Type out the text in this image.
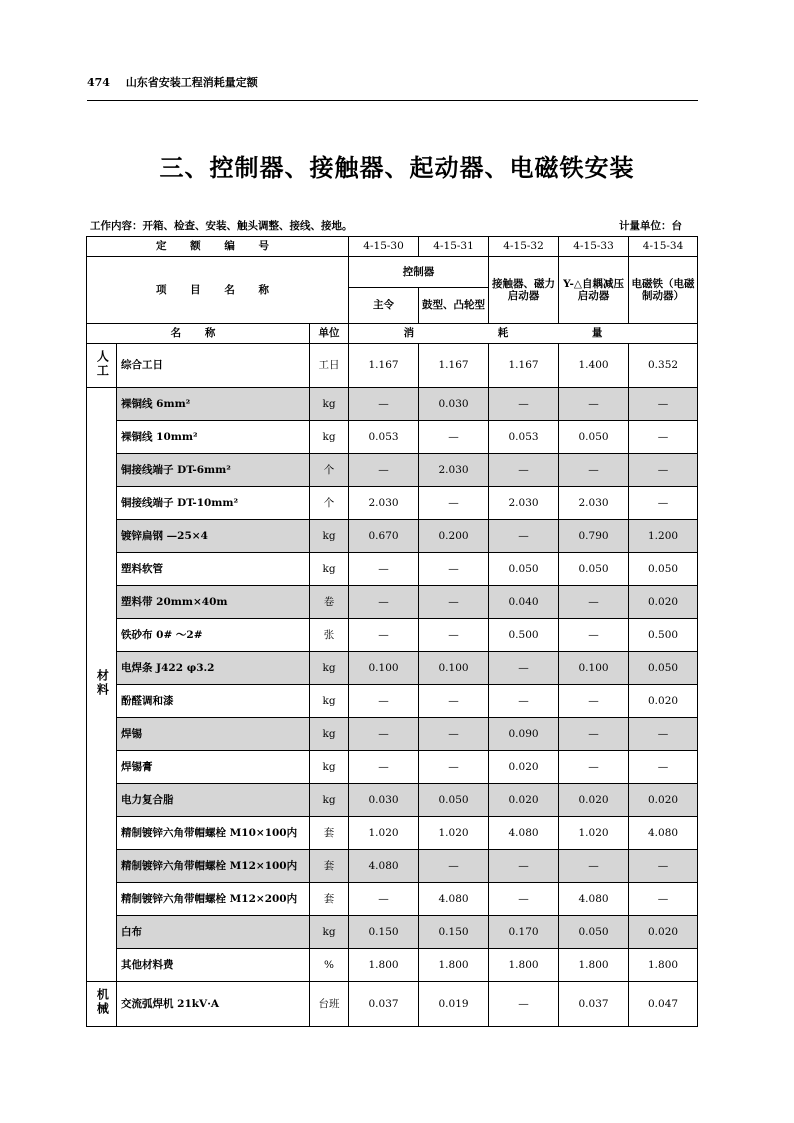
474 山东省安装工程消耗量定额
三、控制器、接触器、起动器、电磁铁安装
工作内容：开箱、检查、安装、触头调整、接线、接地。	计量单位：台
定 额 编 号			4-15-30	4-15-31	4-15-32	4-15-33	4-15-34
项 目 名 称			控制器		接触器、磁力启动器	Y-△自耦减压启动器	电磁铁（电磁制动器）
			主令	鼓型、凸轮型			
名 称		单位	消 耗 量				
人工	综合工日	工日	1.167	1.167	1.167	1.400	0.352
材料	裸铜线 6mm²	kg	—	0.030	—	—	—
	裸铜线 10mm²	kg	0.053	—	0.053	0.050	—
	铜接线端子 DT-6mm²	个	—	2.030	—	—	—
	铜接线端子 DT-10mm²	个	2.030	—	2.030	2.030	—
	镀锌扁钢 —25×4	kg	0.670	0.200	—	0.790	1.200
	塑料软管	kg	—	—	0.050	0.050	0.050
	塑料带 20mm×40m	卷	—	—	0.040	—	0.020
	铁砂布 0# ～2#	张	—	—	0.500	—	0.500
	电焊条 J422 φ3.2	kg	0.100	0.100	—	0.100	0.050
	酚醛调和漆	kg	—	—	—	—	0.020
	焊锡	kg	—	—	0.090	—	—
	焊锡膏	kg	—	—	0.020	—	—
	电力复合脂	kg	0.030	0.050	0.020	0.020	0.020
	精制镀锌六角带帽螺栓 M10×100内	套	1.020	1.020	4.080	1.020	4.080
	精制镀锌六角带帽螺栓 M12×100内	套	4.080	—	—	—	—
	精制镀锌六角带帽螺栓 M12×200内	套	—	4.080	—	4.080	—
	白布	kg	0.150	0.150	0.170	0.050	0.020
	其他材料费	%	1.800	1.800	1.800	1.800	1.800
机械	交流弧焊机 21kV·A	台班	0.037	0.019	—	0.037	0.047
